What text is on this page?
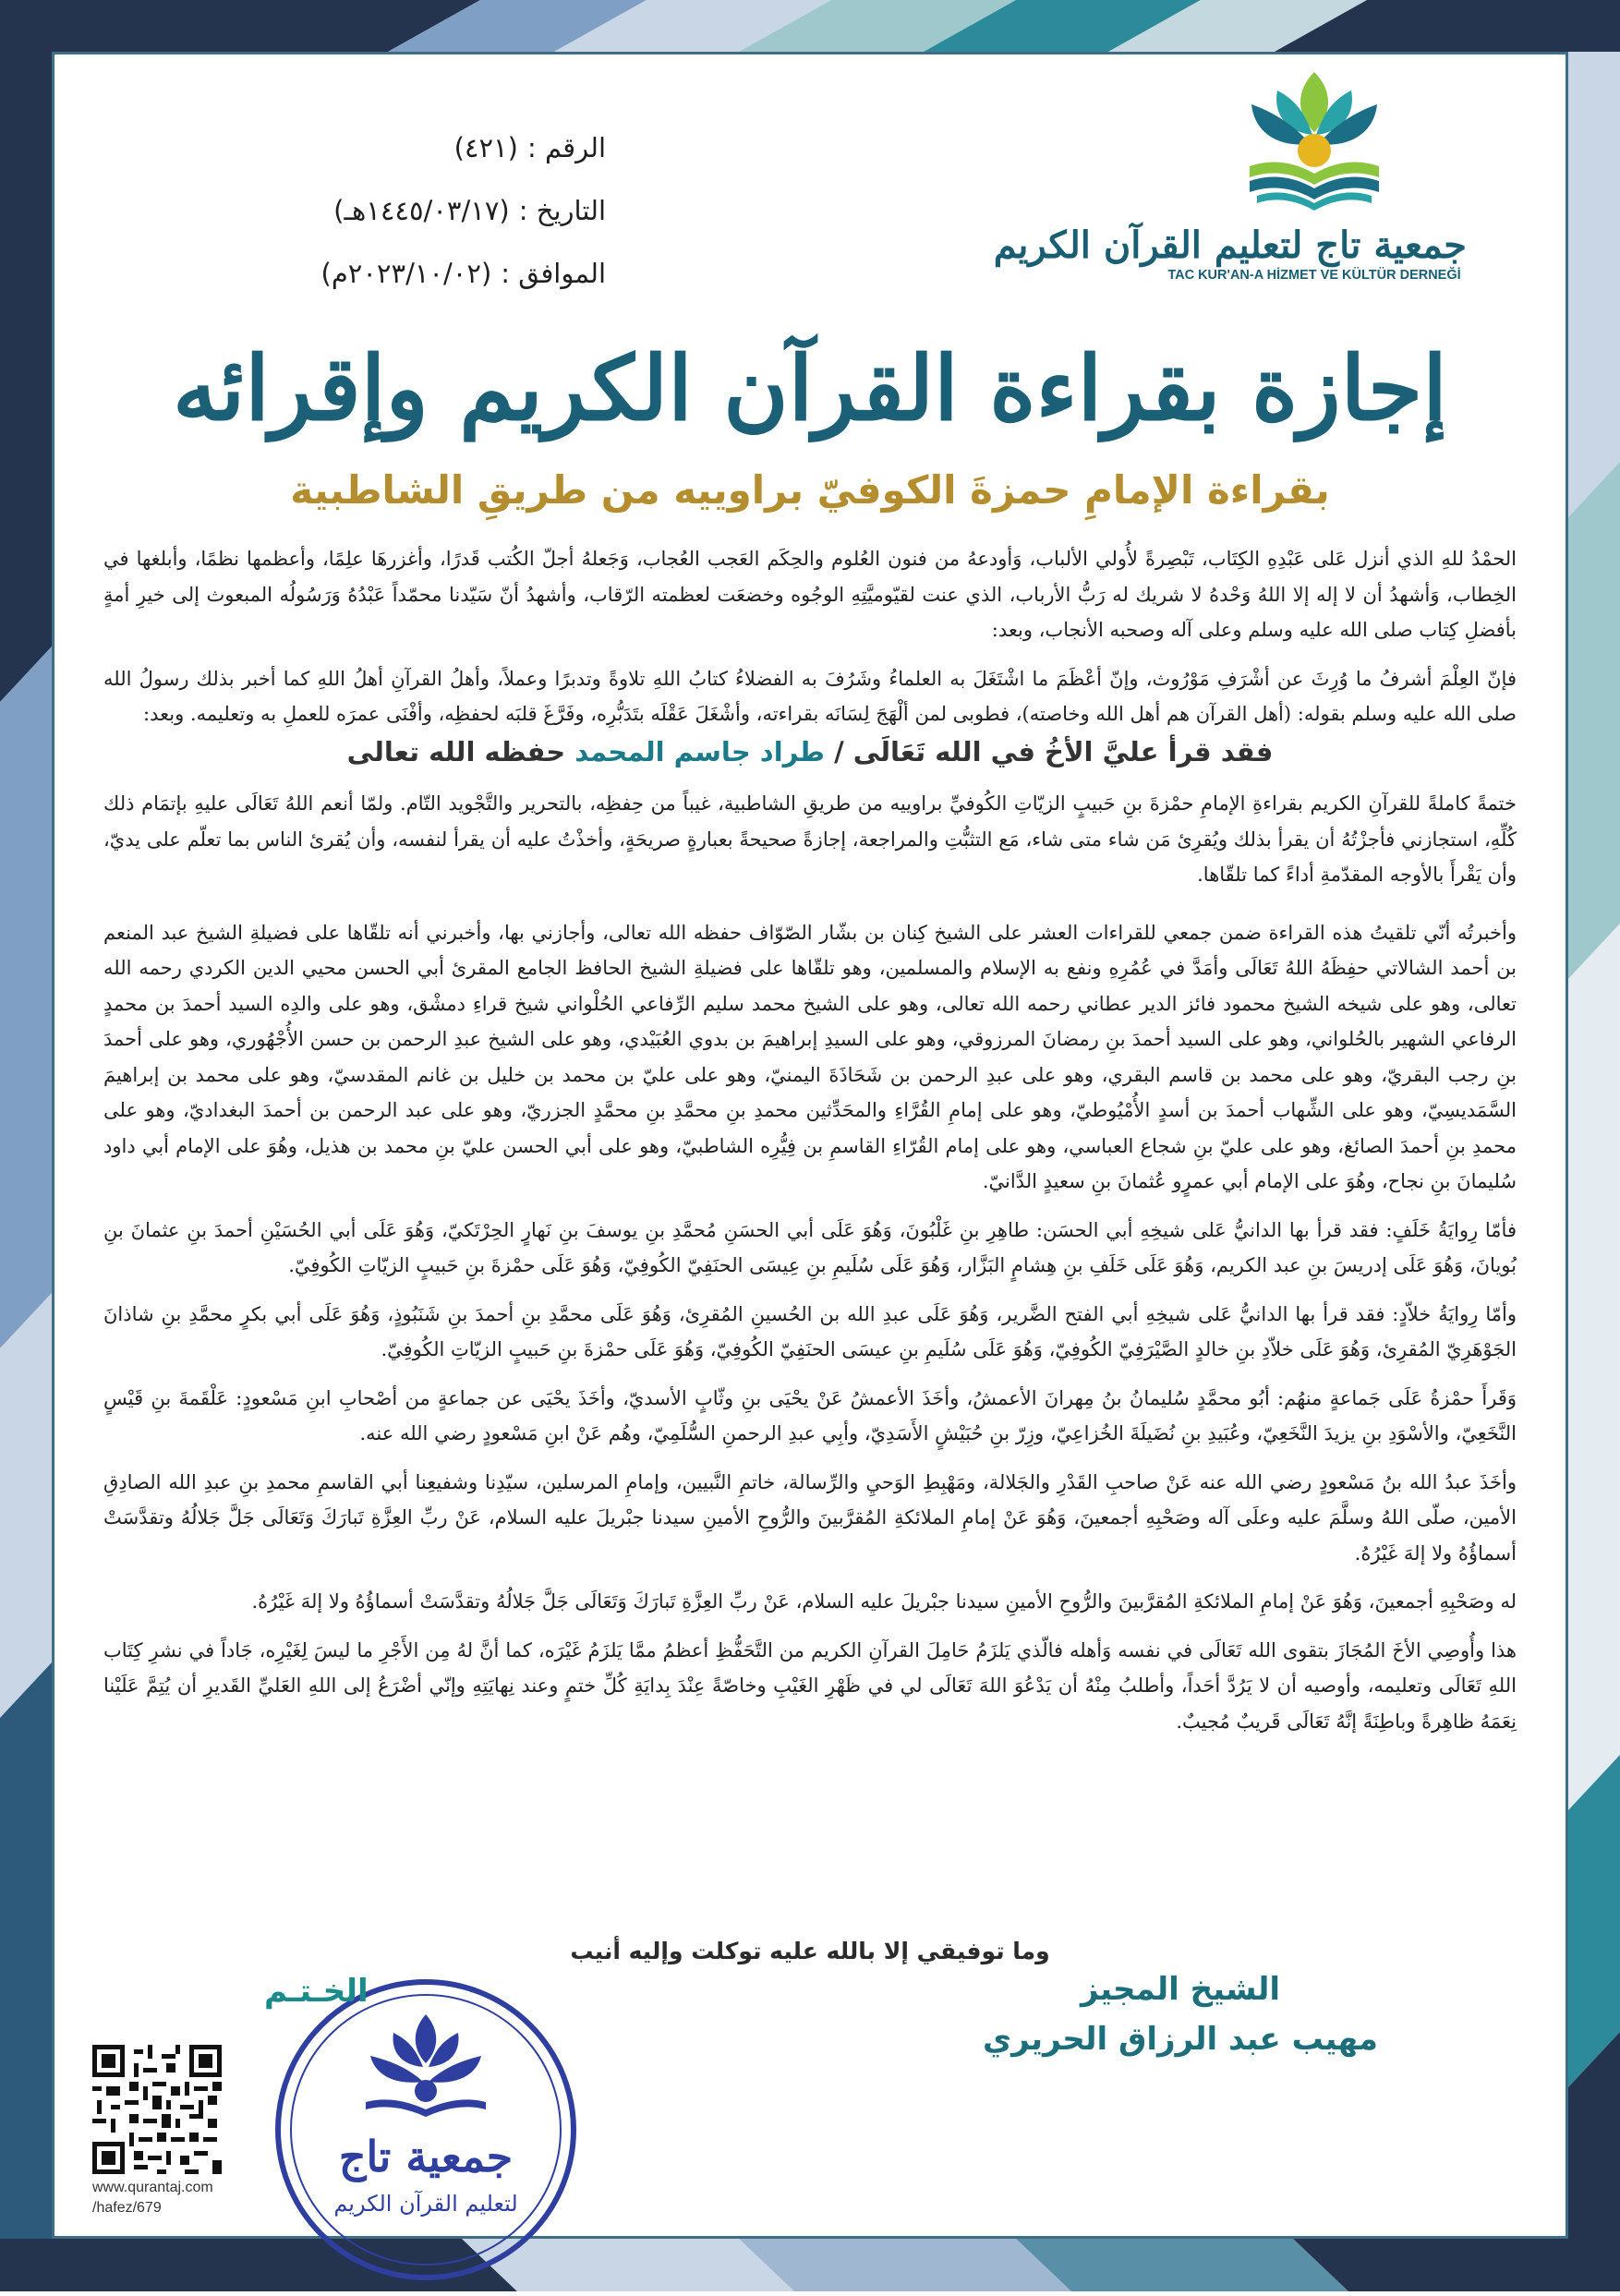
الرقم :
(٤٢١)
التاريخ :
(١٤٤٥/٠٣/١٧هـ)
الموافق :
(٢٠٢٣/١٠/٠٢م)
جمعية تاج لتعليم القرآن الكريم
TAC KUR'AN-A HİZMET VE KÜLTÜR DERNEĞİ
إجازة بقراءة القرآن الكريم وإقرائه
بقراءة الإمامِ حمزةَ الكوفيّ براوييه من طريقِ الشاطبية

الحمْدُ للهِ الذي أنزل عَلى عَبْدِهِ الكِتَاب، تَبْصِرةً لأُولي الألباب، وَأودعهُ من فنون العُلوم والحِكَم العَجب العُجاب، وَجَعلهُ أجلّ الكُتب قَدرًا، وأغزرهَا علِمًا، وأعظمها نظمًا، وأبلغها في الخِطاب، وَأشهدُ أن لا إله إلا اللهُ وَحْدهُ لا شريك له رَبُّ الأرباب، الذي عنت لقيّوميَّتِهِ الوجُوه وخضعَت لعظمته الرّقاب، وأشهدُ أنّ سَيّدنا محمّداً عَبْدُهُ وَرَسُولُه المبعوث إلى خيرِ أمةٍ بأفضلِ كِتاب صلى الله عليه وسلم وعلى آله وصحبه الأنجاب، وبعد:

فإنّ العِلْمَ أشرفُ ما وُرِثَ عن أشْرَفِ مَوْرُوث، وإنّ أعْظَمَ ما اشْتَغَلَ به العلماءُ وشَرُفَ به الفضلاءُ كتابُ اللهِ تلاوةً وتدبرًا وعملاً، وأهلُ القرآنِ أهلُ اللهِ كما أخبر بذلك رسولُ الله صلى الله عليه وسلم بقوله: (أهل القرآن هم أهل الله وخاصته)، فطوبى لمن ألْهَجَ لِسَانَه بقراءته، وأشْغَلَ عَقْلَه بتَدَبُّرِه، وفَرَّغَ قلبَه لحفظِه، وأفْنَى عمرَه للعملِ به وتعليمه. وبعد:

فقد قرأ عليَّ الأخُ في الله تَعَالَى / طراد جاسم المحمد حفظه الله تعالى

ختمةً كاملةً للقرآنِ الكريم بقراءةِ الإمامِ حمْزةَ بنِ حَبيبٍ الزيّاتِ الكُوفيِّ براوييه من طريقِ الشاطبية، غيباً من حِفظِه، بالتحرير والتَّجْويد التّام. ولمّا أنعم اللهُ تَعَالَى عليهِ بإتمَام ذلك كُلِّهِ، استجازني فأجزْتُهُ أن يقرأ بذلك ويُقرِئ مَن شاء متى شاء، مَع التثبُّتِ والمراجعة، إجازةً صحيحةً بعبارةٍ صريحَةٍ، وأخذْتُ عليه أن يقرأ لنفسه، وأن يُقرئ الناس بما تعلّم على يديّ، وأن يَقْرأَ بالأوجه المقدّمةِ أداءً كما تلقّاها.

وأخبرتُه أنّي تلقيتُ هذه القراءة ضمن جمعي للقراءات العشر على الشيخ كِنان بن بشّار الصّوّاف حفظه الله تعالى، وأجازني بها، وأخبرني أنه تلقّاها على فضيلةِ الشيخ عبد المنعم بن أحمد الشالاتي حفِظَهُ اللهُ تَعَالَى وأمَدَّ في عُمُرِهِ ونفع به الإسلام والمسلمين، وهو تلقّاها على فضيلةِ الشيخ الحافظ الجامع المقرئ أبي الحسن محيي الدين الكردي رحمه الله تعالى، وهو على شيخه الشيخ محمود فائز الدير عطاني رحمه الله تعالى، وهو على الشيخ محمد سليم الرِّفاعي الحُلْواني شيخ قراءِ دمشْق، وهو على والدِه السيد أحمدَ بن محمدٍ الرفاعي الشهير بالحُلواني، وهو على السيد أحمدَ بنِ رمضانَ المرزوقي، وهو على السيدِ إبراهيمَ بن بدوي العُبَيْدي، وهو على الشيخ عبدِ الرحمن بن حسن الأُجْهُوري، وهو على أحمدَ بنِ رجب البقريّ، وهو على محمد بن قاسم البقري، وهو على عبدِ الرحمن بن شَحَاذَةَ اليمنيّ، وهو على عليّ بن محمد بن خليل بن غانم المقدسيّ، وهو على محمد بن إبراهيمَ السَّمَديسِيّ، وهو على الشِّهاب أحمدَ بن أسدٍ الأُمْيُوطيّ، وهو على إمامِ القُرَّاءِ والمحَدِّثين محمدِ بنِ محمَّدِ بنِ محمَّدٍ الجزريّ، وهو على عبد الرحمن بن أحمدَ البغداديّ، وهو على محمدِ بنِ أحمدَ الصائغ، وهو على عليّ بنِ شجاع العباسي، وهو على إمام القُرّاءِ القاسمِ بن فِيُّرِه الشاطبيّ، وهو على أبي الحسن عليّ بنِ محمد بن هذيل، وهُوَ على الإمام أبي داود سُليمانَ بنِ نجاح، وهُوَ على الإمام أبي عمرٍو عُثمانَ بنِ سعيدٍ الدَّانيّ.

فأمّا رِوايَةُ خَلَفٍ: فقد قرأ بها الدانيُّ عَلى شيخِهِ أبي الحسَن: طاهِرِ بنِ غَلْبُونَ، وَهُوَ عَلَى أبي الحسَنِ مُحمَّدِ بنِ يوسفَ بنِ نَهارٍ الحِرْتَكيّ، وَهُوَ عَلَى أبي الحُسَيْنِ أحمدَ بنِ عثمانَ بنِ بُويانَ، وَهُوَ عَلَى إدريسَ بنِ عبد الكريم، وَهُوَ عَلَى خَلَفِ بنِ هِشامٍ البَزَّار، وَهُوَ عَلَى سُلَيمِ بنِ عِيسَى الحنَفِيّ الكُوفِيّ، وَهُوَ عَلَى حمْزةَ بنِ حَبيبٍ الزيّاتِ الكُوفِيّ.

وأمّا رِوايَةُ خلاّدٍ: فقد قرأ بها الدانيُّ عَلى شيخِهِ أبي الفتح الضَّرير، وَهُوَ عَلَى عبدِ الله بن الحُسينِ المُقرِئ، وَهُوَ عَلَى محمَّدِ بنِ أحمدَ بنِ شَنَبُوذٍ، وَهُوَ عَلَى أبي بكرٍ محمَّدِ بنِ شاذانَ الجَوْهَرِيّ المُقرِئ، وَهُوَ عَلَى خلاّدِ بنِ خالدٍ الصَّيْرَفِيّ الكُوفِيّ، وَهُوَ عَلَى سُلَيمِ بنِ عيسَى الحنَفِيّ الكُوفِيّ، وَهُوَ عَلَى حمْزةَ بنِ حَبيبٍ الزيّاتِ الكُوفِيّ.

وَقَرأَ حمْزةُ عَلَى جَماعةٍ منهُم: أبُو محمَّدٍ سُليمانُ بنُ مِهرانَ الأعمشُ، وأخَذَ الأعمشُ عَنْ يحْيَى بنِ وثّابٍ الأسديّ، وأخَذَ يحْيَى عن جماعةٍ من أصْحابِ ابنِ مَسْعودٍ: عَلْقَمةَ بنِ قَيْسٍ النَّخَعِيّ، والأسْوَدِ بنِ يزيدَ النَّخَعِيّ، وعُبَيدِ بنِ نُضَيلَةَ الخُزاعِيّ، وزِرّ بنِ حُبَيْشٍ الأَسَدِيّ، وأبِي عبدِ الرحمنِ السُّلَمِيّ، وهُم عَنْ ابنِ مَسْعودٍ رضي الله عنه.

وأخَذَ عبدُ الله بنُ مَسْعودٍ رضي الله عنه عَنْ صاحبِ القَدْرِ والجَلالة، ومَهْبِطِ الوَحيِ والرِّسالة، خاتمِ النَّبيين، وإمامِ المرسلين، سيّدِنا وشفيعِنا أبي القاسمِ محمدِ بنِ عبدِ الله الصادِقِ الأمين، صلّى اللهُ وسلَّمَ عليه وعلَى آله وصَحْبِهِ أجمعينَ، وَهُوَ عَنْ إمامِ الملائكةِ المُقرَّبينَ والرُّوحِ الأمينِ سيدنا جبْريلَ عليه السلام، عَنْ ربِّ العِزَّةِ تَبارَكَ وَتَعَالَى جَلَّ جَلالُهُ وتقدَّسَتْ أسماؤُهُ ولا إلهَ غَيْرُهُ.

له وصَحْبِهِ أجمعينَ، وَهُوَ عَنْ إمامِ الملائكةِ المُقرَّبينَ والرُّوحِ الأمينِ سيدنا جبْريلَ عليه السلام، عَنْ ربِّ العِزَّةِ تَبارَكَ وَتَعَالَى جَلَّ جَلالُهُ وتقدَّسَتْ أسماؤُهُ ولا إلهَ غَيْرُهُ.

هذا وأُوصِي الأخَ المُجَازَ بتقوى الله تَعَالَى في نفسه وَأهله فالّذي يَلزَمُ حَامِلَ القرآنِ الكريم من التَّحَفُّظِ أعظمُ ممَّا يَلزَمُ غَيْرَه، كما أنَّ لهُ مِن الأَجْرِ ما ليسَ لِغَيْرِه، جَاداً في نشرِ كِتَاب اللهِ تَعَالَى وتعليمه، وأوصيه أن لا يَرُدَّ أحَداً، وأطلبُ مِنْهُ أن يَدْعُوَ اللهَ تَعَالَى لي في ظَهْرِ الغَيْبِ وخاصّةً عِنْدَ بِدايَةِ كُلِّ ختمٍ وعند نِهايَتِهِ وإنّي أضْرَعُ إلى اللهِ العَليِّ القَديرِ أن يُتِمَّ عَلَيْنا نِعَمَهُ ظاهِرةً وباطِنَةً إنَّهُ تَعَالَى قَريبٌ مُجيبٌ.

وما توفيقي إلا بالله عليه توكلت وإليه أنيب
الشيخ المجيز
مهيب عبد الرزاق الحريري
جمعية تاج
لتعليم القرآن الكريم
الخـتـم
www.qurantaj.com
/hafez/679
